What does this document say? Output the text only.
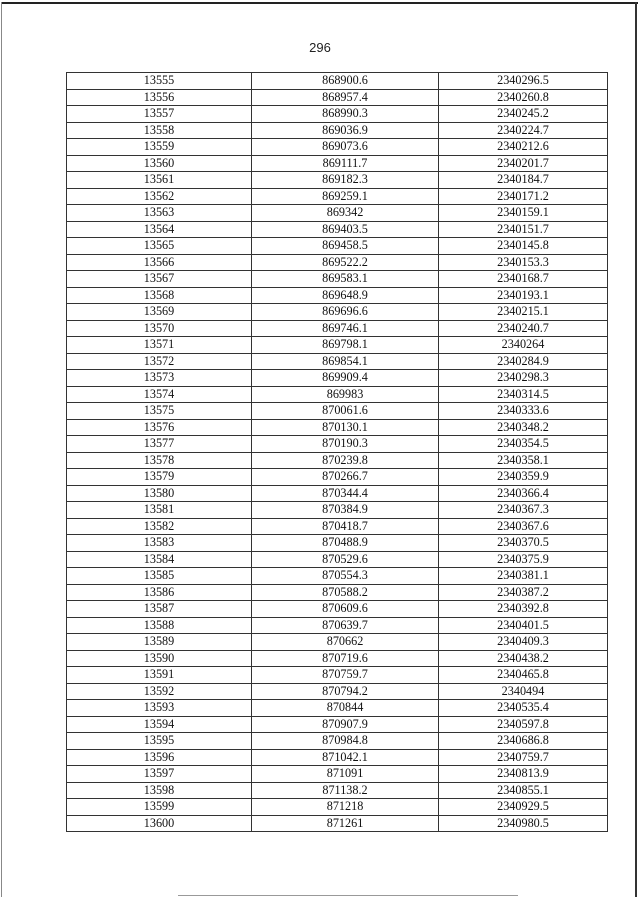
296
13555	868900.6	2340296.5
13556	868957.4	2340260.8
13557	868990.3	2340245.2
13558	869036.9	2340224.7
13559	869073.6	2340212.6
13560	869111.7	2340201.7
13561	869182.3	2340184.7
13562	869259.1	2340171.2
13563	869342	2340159.1
13564	869403.5	2340151.7
13565	869458.5	2340145.8
13566	869522.2	2340153.3
13567	869583.1	2340168.7
13568	869648.9	2340193.1
13569	869696.6	2340215.1
13570	869746.1	2340240.7
13571	869798.1	2340264
13572	869854.1	2340284.9
13573	869909.4	2340298.3
13574	869983	2340314.5
13575	870061.6	2340333.6
13576	870130.1	2340348.2
13577	870190.3	2340354.5
13578	870239.8	2340358.1
13579	870266.7	2340359.9
13580	870344.4	2340366.4
13581	870384.9	2340367.3
13582	870418.7	2340367.6
13583	870488.9	2340370.5
13584	870529.6	2340375.9
13585	870554.3	2340381.1
13586	870588.2	2340387.2
13587	870609.6	2340392.8
13588	870639.7	2340401.5
13589	870662	2340409.3
13590	870719.6	2340438.2
13591	870759.7	2340465.8
13592	870794.2	2340494
13593	870844	2340535.4
13594	870907.9	2340597.8
13595	870984.8	2340686.8
13596	871042.1	2340759.7
13597	871091	2340813.9
13598	871138.2	2340855.1
13599	871218	2340929.5
13600	871261	2340980.5
